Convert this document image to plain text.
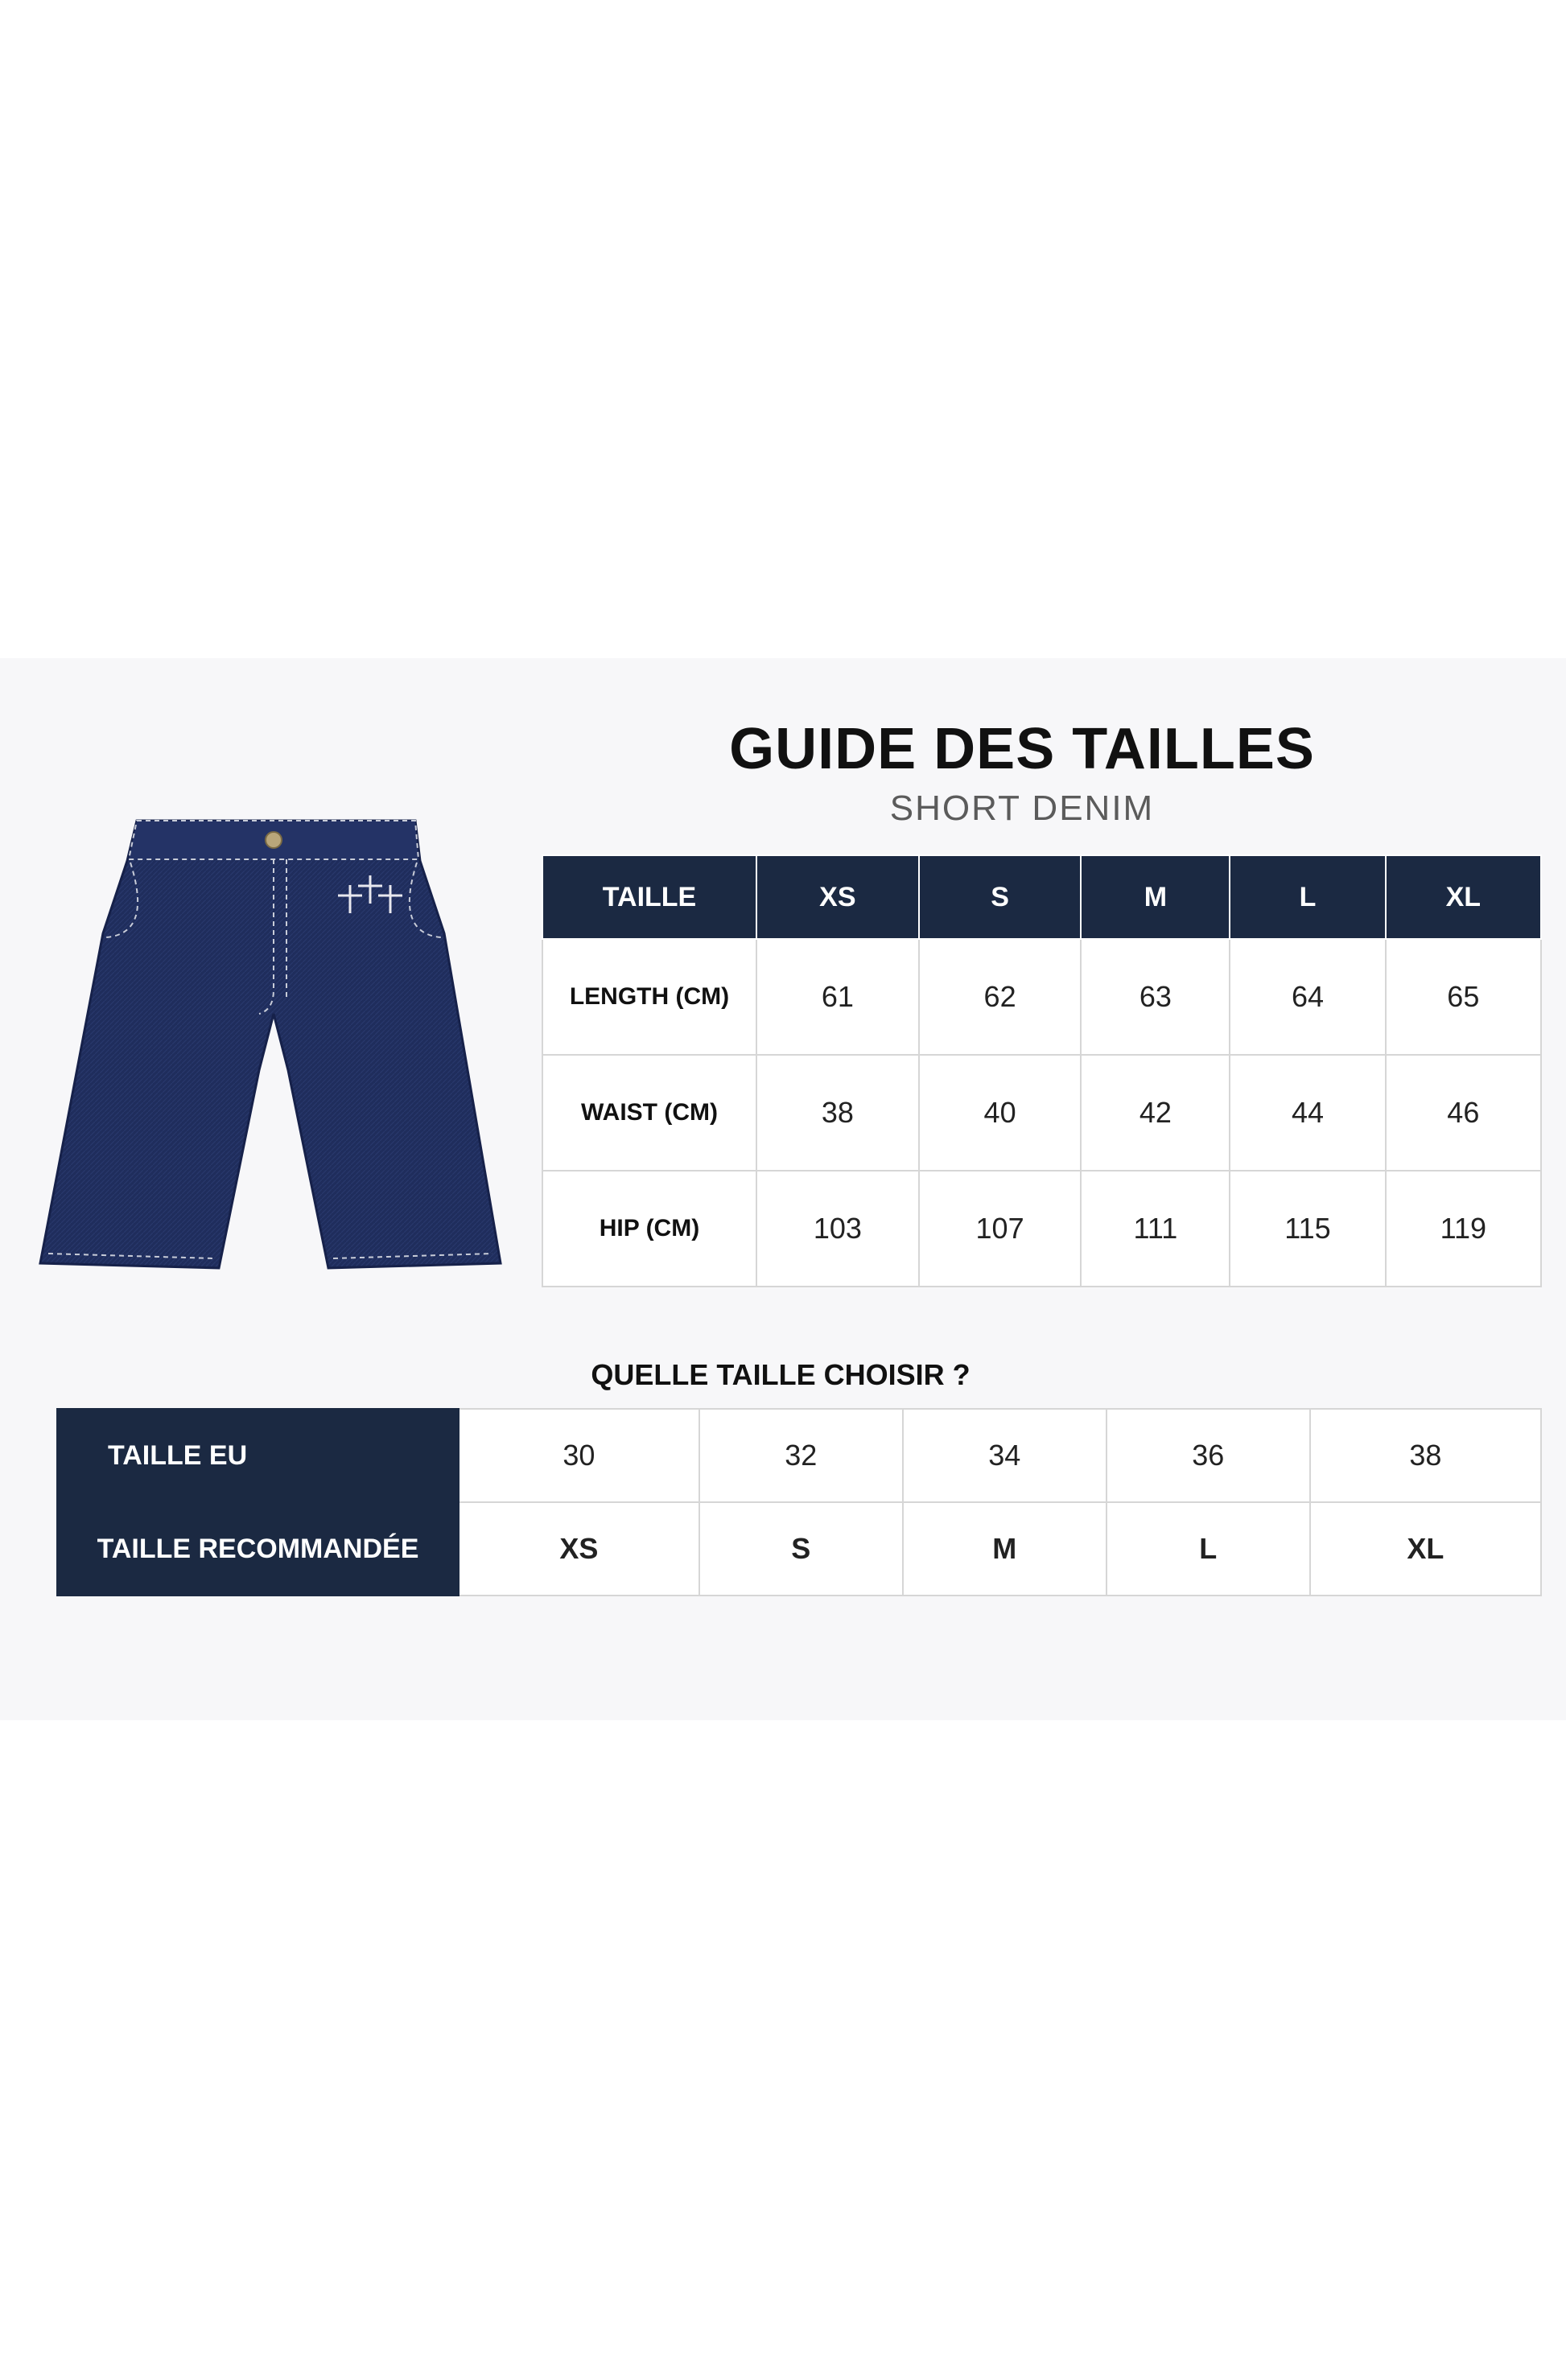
GUIDE DES TAILLES
SHORT DENIM
TAILLE	XS	S	M	L	XL
LENGTH (CM)	61	62	63	64	65
WAIST (CM)	38	40	42	44	46
HIP (CM)	103	107	111	115	119
QUELLE TAILLE CHOISIR ?
TAILLE EU	30	32	34	36	38
TAILLE RECOMMANDÉE	XS	S	M	L	XL
